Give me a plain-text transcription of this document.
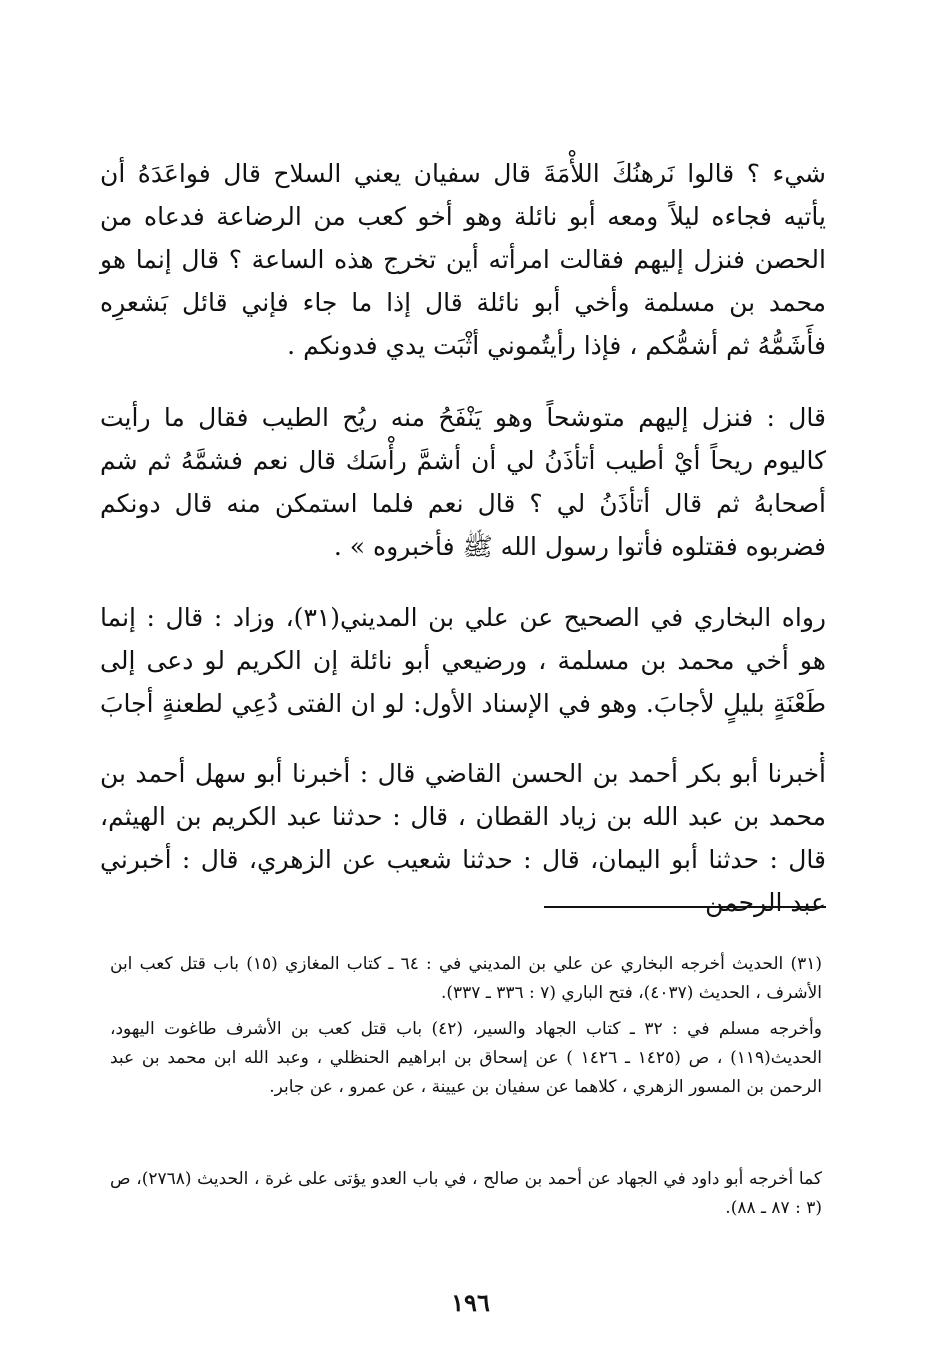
شيء ؟ قالوا نَرهنُكَ اللأْمَةَ قال سفيان يعني السلاح قال فواعَدَهُ أن يأتيه فجاءه ليلاً ومعه أبو نائلة وهو أخو كعب من الرضاعة فدعاه من الحصن فنزل إليهم فقالت امرأته أين تخرج هذه الساعة ؟ قال إنما هو محمد بن مسلمة وأخي أبو نائلة قال إذا ما جاء فإني قائل بَشعرِه فأَشَمُّهُ ثم أشمُّكم ، فإذا رأيتُموني أثْبَت يدي فدونكم .

قال : فنزل إليهم متوشحاً وهو يَنْفَحُ منه ريُح الطيب فقال ما رأيت كاليوم ريحاً أيْ أطيب أتأذَنُ لي أن أشمَّ رأْسَك قال نعم فشمَّهُ ثم شم أصحابهُ ثم قال أتأذَنُ لي ؟ قال نعم فلما استمكن منه قال دونكم فضربوه فقتلوه فأتوا رسول الله ﷺ فأخبروه » .

رواه البخاري في الصحيح عن علي بن المديني(٣١)، وزاد : قال : إنما هو أخي محمد بن مسلمة ، ورضيعي أبو نائلة إن الكريم لو دعى إلى طَعْنَةٍ بليلٍ لأجابَ. وهو في الإسناد الأول: لو ان الفتى دُعِي لطعنةٍ أجابَ .

أخبرنا أبو بكر أحمد بن الحسن القاضي قال : أخبرنا أبو سهل أحمد بن محمد بن عبد الله بن زياد القطان ، قال : حدثنا عبد الكريم بن الهيثم، قال : حدثنا أبو اليمان، قال : حدثنا شعيب عن الزهري، قال : أخبرني عبد الرحمن

(٣١) الحديث أخرجه البخاري عن علي بن المديني في : ٦٤ ـ كتاب المغازي (١٥) باب قتل كعب ابن الأشرف ، الحديث (٤٠٣٧)، فتح الباري (٧ : ٣٣٦ ـ ٣٣٧).

وأخرجه مسلم في : ٣٢ ـ كتاب الجهاد والسير، (٤٢) باب قتل كعب بن الأشرف طاغوت اليهود، الحديث(١١٩) ، ص (١٤٢٥ ـ ١٤٢٦ ) عن إسحاق بن ابراهيم الحنظلي ، وعبد الله ابن محمد بن عبد الرحمن بن المسور الزهري ، كلاهما عن سفيان بن عيينة ، عن عمرو ، عن جابر.

كما أخرجه أبو داود في الجهاد عن أحمد بن صالح ، في باب العدو يؤتى على غرة ، الحديث (٢٧٦٨)، ص (٣ : ٨٧ ـ ٨٨).

١٩٦
